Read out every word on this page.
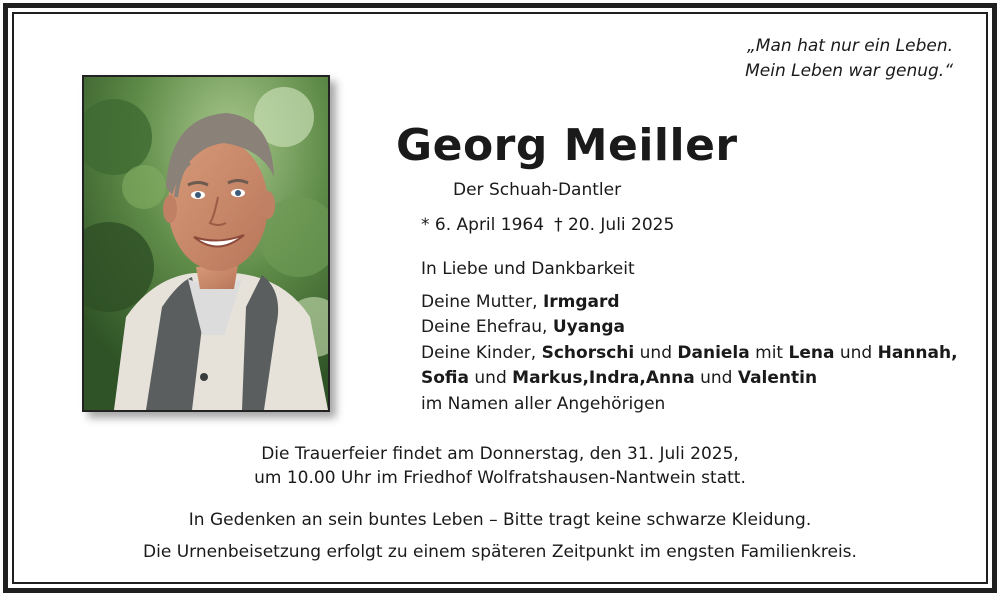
„Man hat nur ein Leben.
Mein Leben war genug.“
Georg Meiller
Der Schuah-Dantler
* 6. April 1964 † 20. Juli 2025
In Liebe und Dankbarkeit
Deine Mutter, Irmgard
Deine Ehefrau, Uyanga
Deine Kinder, Schorschi und Daniela mit Lena und Hannah,
Sofia und Markus,Indra,Anna und Valentin
im Namen aller Angehörigen
Die Trauerfeier findet am Donnerstag, den 31. Juli 2025,
um 10.00 Uhr im Friedhof Wolfratshausen-Nantwein statt.
In Gedenken an sein buntes Leben – Bitte tragt keine schwarze Kleidung.
Die Urnenbeisetzung erfolgt zu einem späteren Zeitpunkt im engsten Familienkreis.
